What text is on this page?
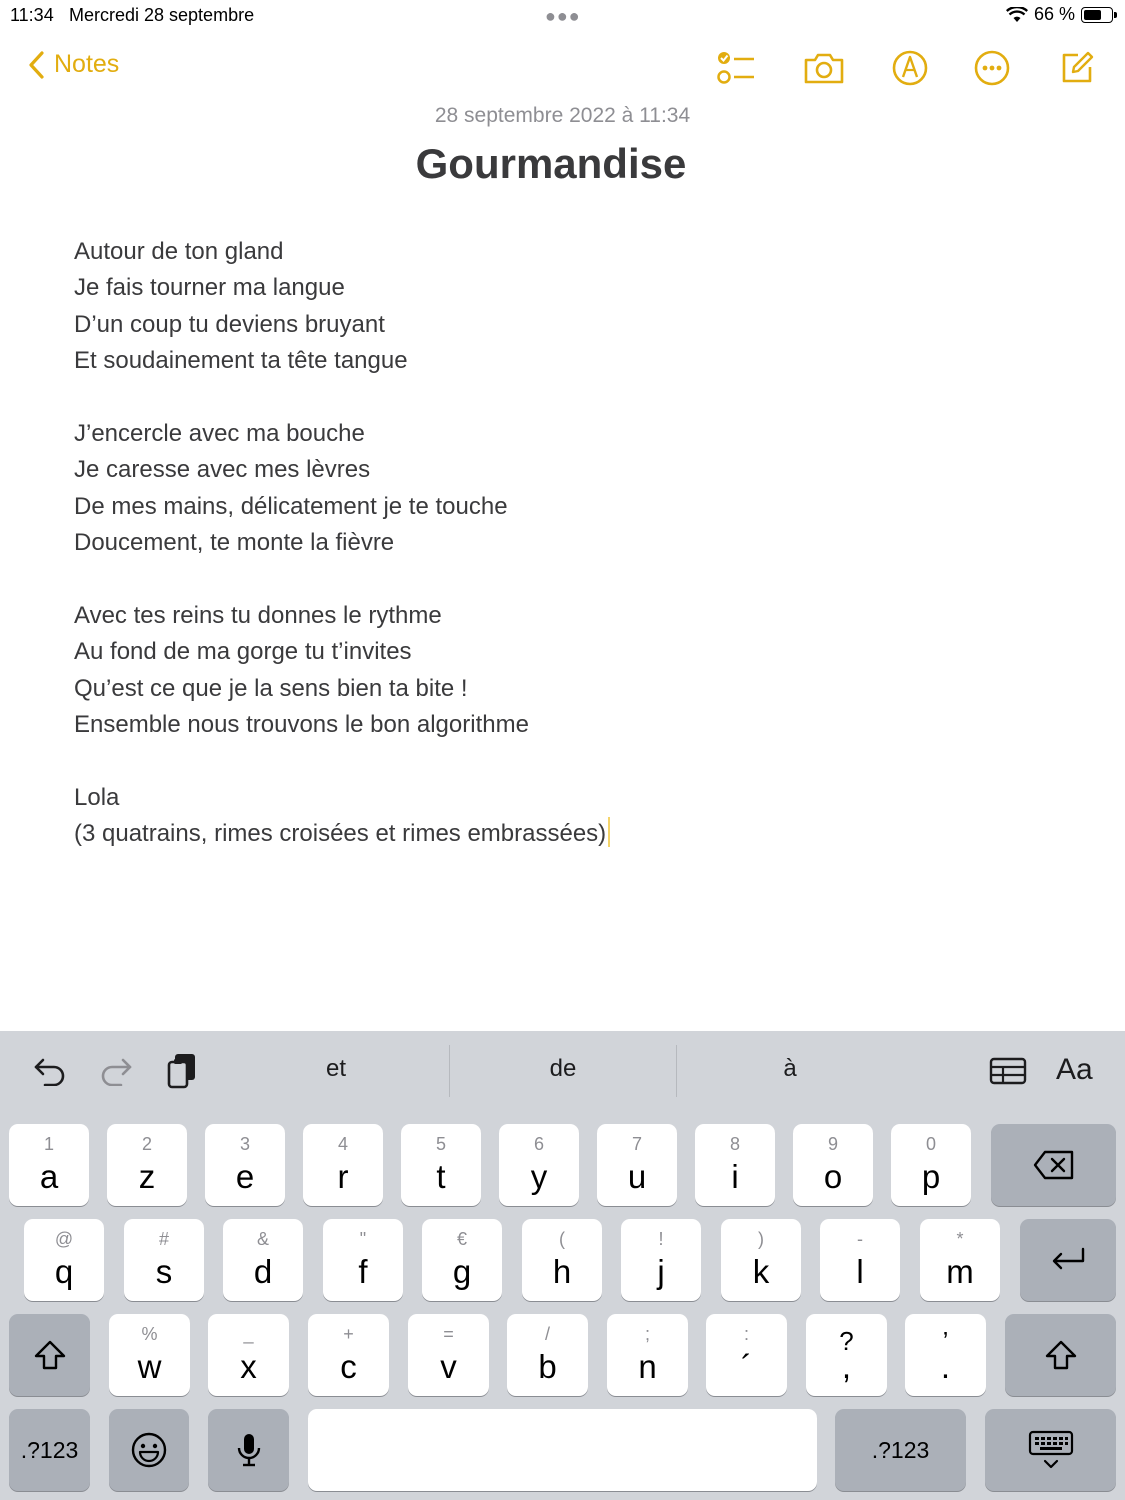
11:34 Mercredi 28 septembre	●●●	66 %
Notes
28 septembre 2022 à 11:34
Gourmandise
Autour de ton gland
Je fais tourner ma langue
D’un coup tu deviens bruyant
Et soudainement ta tête tangue
J’encercle avec ma bouche
Je caresse avec mes lèvres
De mes mains, délicatement je te touche
Doucement, te monte la fièvre
Avec tes reins tu donnes le rythme
Au fond de ma gorge tu t’invites
Qu’est ce que je la sens bien ta bite !
Ensemble nous trouvons le bon algorithme
Lola
(3 quatrains, rimes croisées et rimes embrassées)
et	de	à	Aa
1
a
2
z
3
e
4
r
5
t
6
y
7
u
8
i
9
o
0
p
@
q
#
s
&
d
"
f
€
g
(
h
!
j
)
k
-
l
*
m
%
w
_
x
+
c
=
v
/
b
;
n
:
´
?
,
’
.
.?123	.?123
